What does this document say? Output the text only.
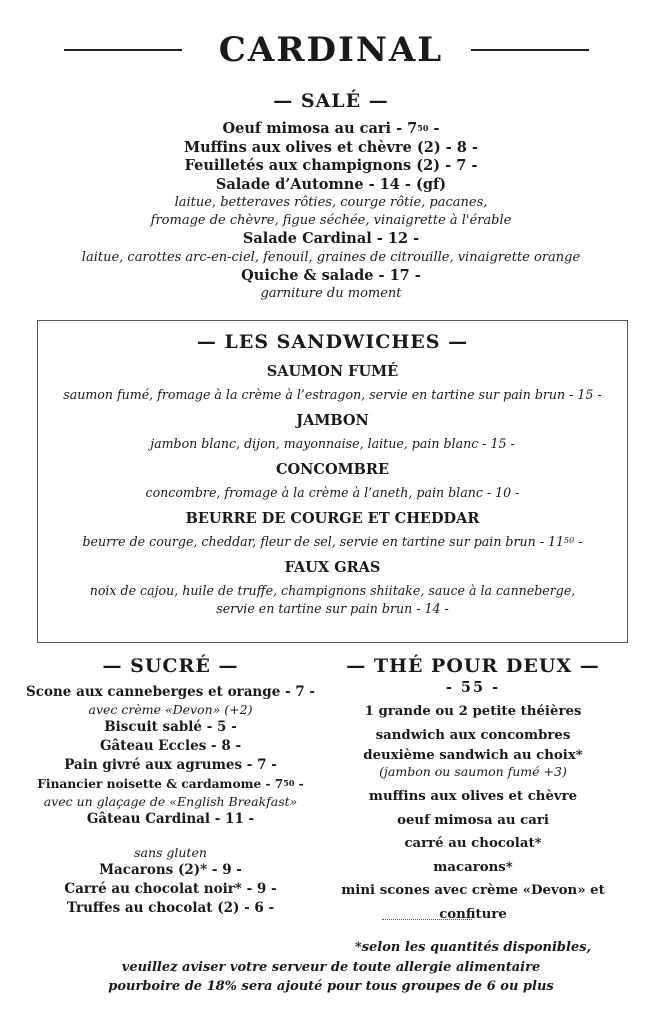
CARDINAL
— SALÉ —
Oeuf mimosa au cari - $7^{50}$ -
Muffins aux olives et chèvre (2) - 8 -
Feuilletés aux champignons (2) - 7 -
Salade d’Automne - 14 - (gf)
laitue, betteraves rôties, courge rôtie, pacanes,
fromage de chèvre, figue séchée, vinaigrette à l'érable
Salade Cardinal - 12 -
laitue, carottes arc-en-ciel, fenouil, graines de citrouille, vinaigrette orange
Quiche & salade - 17 -
garniture du moment
— LES SANDWICHES —
SAUMON FUMÉ
saumon fumé, fromage à la crème à l’estragon, servie en tartine sur pain brun - 15 -
JAMBON
jambon blanc, dijon, mayonnaise, laitue, pain blanc - 15 -
CONCOMBRE
concombre, fromage à la crème à l’aneth, pain blanc - 10 -
BEURRE DE COURGE ET CHEDDAR
beurre de courge, cheddar, fleur de sel, servie en tartine sur pain brun - $11^{50}$ -
FAUX GRAS
noix de cajou, huile de truffe, champignons shiitake, sauce à la canneberge, servie en tartine sur pain brun - 14 -
— SUCRÉ —
Scone aux canneberges et orange - 7 -
avec crème «Devon» (+2)
Biscuit sablé - 5 -
Gâteau Eccles - 8 -
Pain givré aux agrumes - 7 -
Financier noisette & cardamome - $7^{50}$ -
avec un glaçage de «English Breakfast»
Gâteau Cardinal - 11 -
sans gluten
Macarons (2)* - 9 -
Carré au chocolat noir* - 9 -
Truffes au chocolat (2) - 6 -
— THÉ POUR DEUX —
- 55 -
1 grande ou 2 petite théières
sandwich aux concombres
deuxième sandwich au choix*
(jambon ou saumon fumé +3)
muffins aux olives et chèvre
oeuf mimosa au cari
carré au chocolat*
macarons*
mini scones avec crème «Devon» et confiture
*selon les quantités disponibles,
veuillez aviser votre serveur de toute allergie alimentaire
pourboire de 18% sera ajouté pour tous groupes de 6 ou plus
